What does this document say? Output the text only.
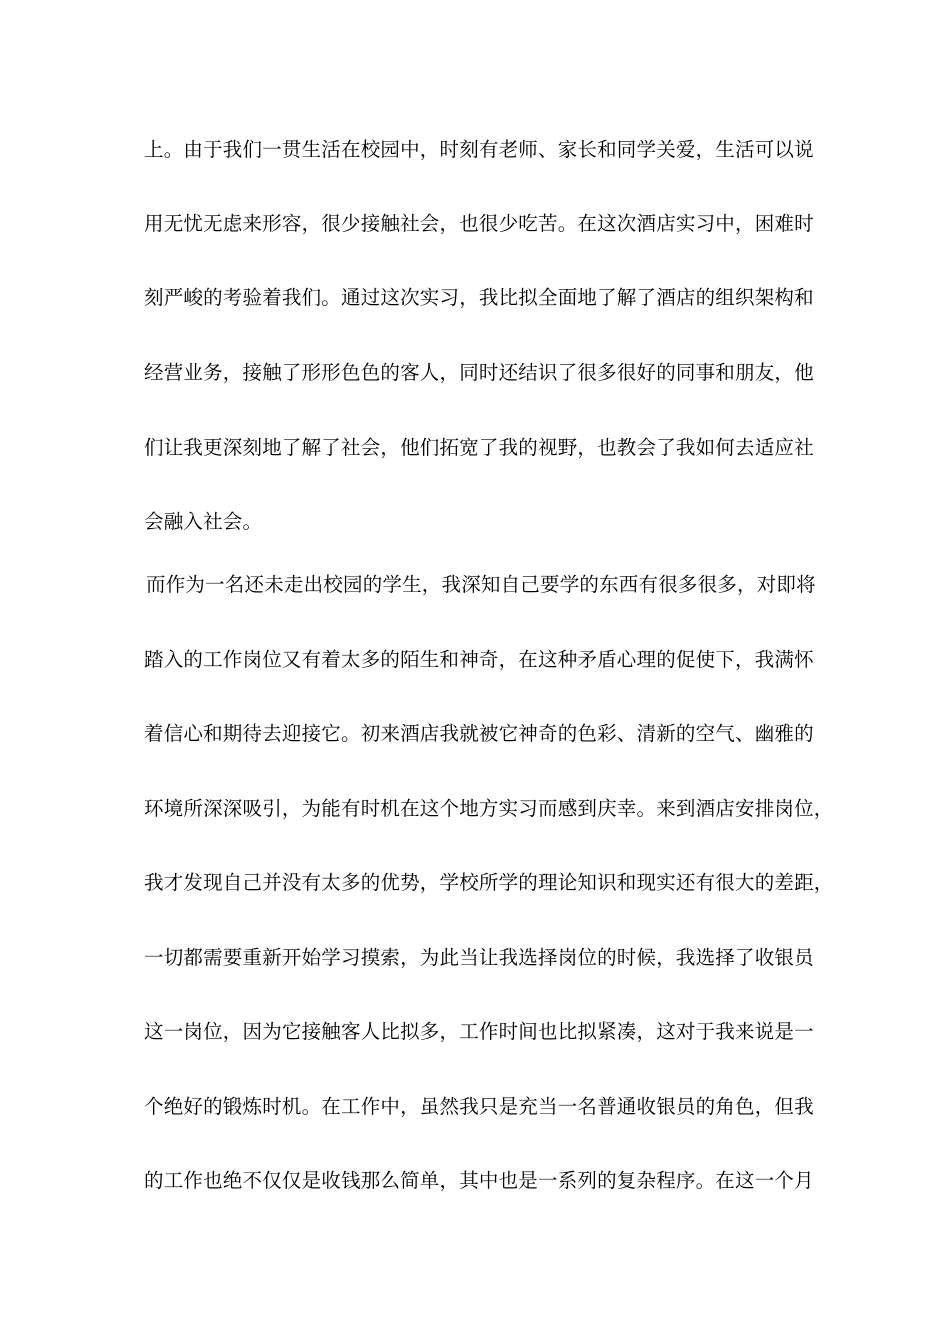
上。由于我们一贯生活在校园中，时刻有老师、家长和同学关爱，生活可以说
用无忧无虑来形容，很少接触社会，也很少吃苦。在这次酒店实习中，困难时
刻严峻的考验着我们。通过这次实习，我比拟全面地了解了酒店的组织架构和
经营业务，接触了形形色色的客人，同时还结识了很多很好的同事和朋友，他
们让我更深刻地了解了社会，他们拓宽了我的视野，也教会了我如何去适应社
会融入社会。
而作为一名还未走出校园的学生，我深知自己要学的东西有很多很多，对即将
踏入的工作岗位又有着太多的陌生和神奇，在这种矛盾心理的促使下，我满怀
着信心和期待去迎接它。初来酒店我就被它神奇的色彩、清新的空气、幽雅的
环境所深深吸引，为能有时机在这个地方实习而感到庆幸。来到酒店安排岗位，
我才发现自己并没有太多的优势，学校所学的理论知识和现实还有很大的差距，
一切都需要重新开始学习摸索，为此当让我选择岗位的时候，我选择了收银员
这一岗位，因为它接触客人比拟多，工作时间也比拟紧凑，这对于我来说是一
个绝好的锻炼时机。在工作中，虽然我只是充当一名普通收银员的角色，但我
的工作也绝不仅仅是收钱那么简单，其中也是一系列的复杂程序。在这一个月
